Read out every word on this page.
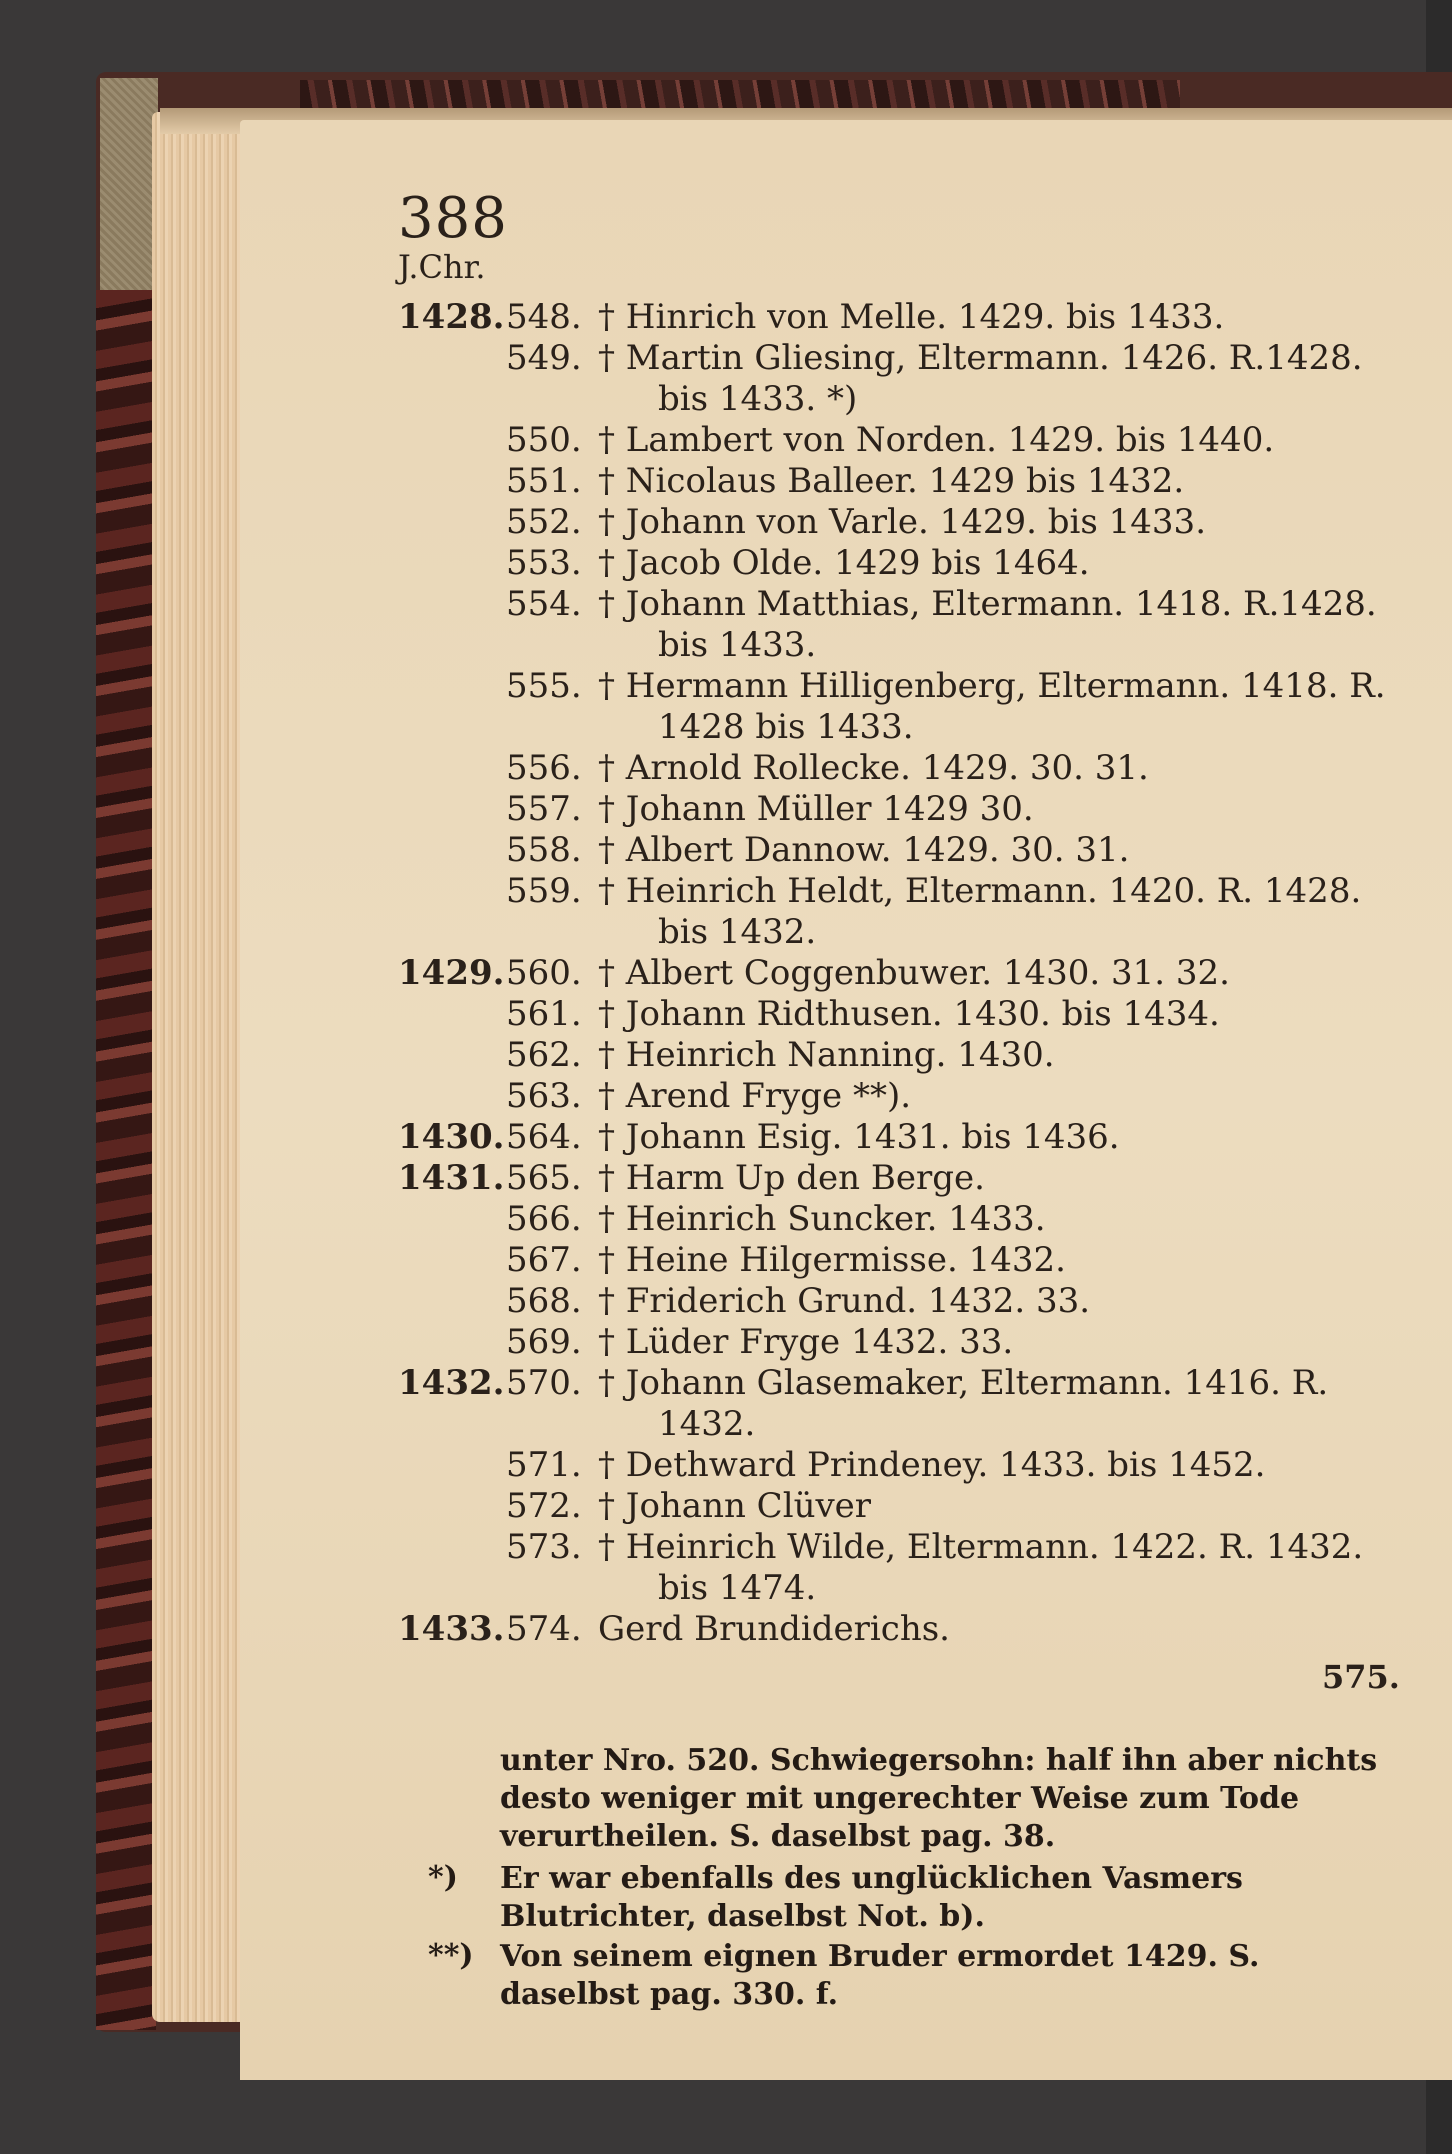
388
J.Chr.
1428. 548. † Hinrich von Melle. 1429. bis 1433.
549. † Martin Gliesing, Eltermann. 1426. R.1428.
bis 1433. *)
550. † Lambert von Norden. 1429. bis 1440.
551. † Nicolaus Balleer. 1429 bis 1432.
552. † Johann von Varle. 1429. bis 1433.
553. † Jacob Olde. 1429 bis 1464.
554. † Johann Matthias, Eltermann. 1418. R.1428.
bis 1433.
555. † Hermann Hilligenberg, Eltermann. 1418. R.
1428 bis 1433.
556. † Arnold Rollecke. 1429. 30. 31.
557. † Johann Müller 1429 30.
558. † Albert Dannow. 1429. 30. 31.
559. † Heinrich Heldt, Eltermann. 1420. R. 1428.
bis 1432.
1429. 560. † Albert Coggenbuwer. 1430. 31. 32.
561. † Johann Ridthusen. 1430. bis 1434.
562. † Heinrich Nanning. 1430.
563. † Arend Fryge **).
1430. 564. † Johann Esig. 1431. bis 1436.
1431. 565. † Harm Up den Berge.
566. † Heinrich Suncker. 1433.
567. † Heine Hilgermisse. 1432.
568. † Friderich Grund. 1432. 33.
569. † Lüder Fryge 1432. 33.
1432. 570. † Johann Glasemaker, Eltermann. 1416. R.
1432.
571. † Dethward Prindeney. 1433. bis 1452.
572. † Johann Clüver
573. † Heinrich Wilde, Eltermann. 1422. R. 1432.
bis 1474.
1433. 574. Gerd Brundiderichs.
575.
unter Nro. 520. Schwiegersohn: half ihn aber nichts desto weniger mit ungerechter Weise zum Tode verurtheilen. S. daselbst pag. 38.
Er war ebenfalls des unglücklichen Vasmers Blutrichter, daselbst Not. b).
*)
Von seinem eignen Bruder ermordet 1429. S. daselbst pag. 330. f.
**)
